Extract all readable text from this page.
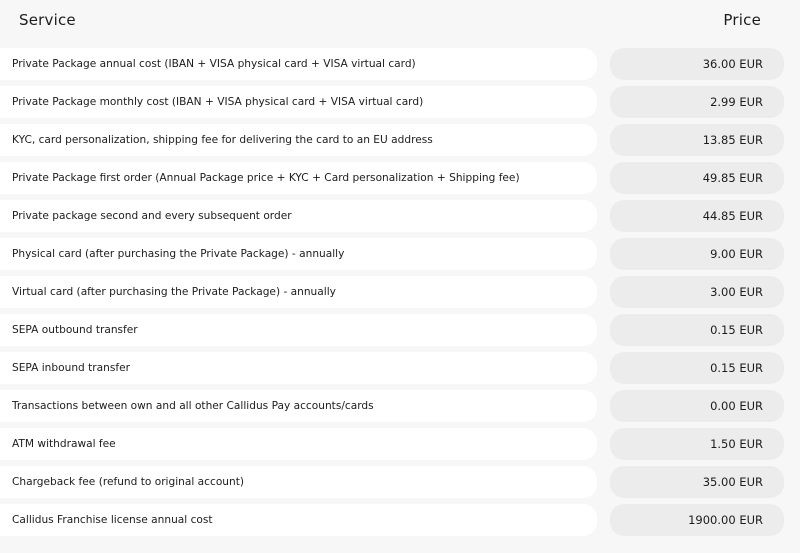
Service	Price
Private Package annual cost (IBAN + VISA physical card + VISA virtual card)	36.00 EUR
Private Package monthly cost (IBAN + VISA physical card + VISA virtual card)	2.99 EUR
KYC, card personalization, shipping fee for delivering the card to an EU address	13.85 EUR
Private Package first order (Annual Package price + KYC + Card personalization + Shipping fee)	49.85 EUR
Private package second and every subsequent order	44.85 EUR
Physical card (after purchasing the Private Package) - annually	9.00 EUR
Virtual card (after purchasing the Private Package) - annually	3.00 EUR
SEPA outbound transfer	0.15 EUR
SEPA inbound transfer	0.15 EUR
Transactions between own and all other Callidus Pay accounts/cards	0.00 EUR
ATM withdrawal fee	1.50 EUR
Chargeback fee (refund to original account)	35.00 EUR
Callidus Franchise license annual cost	1900.00 EUR
